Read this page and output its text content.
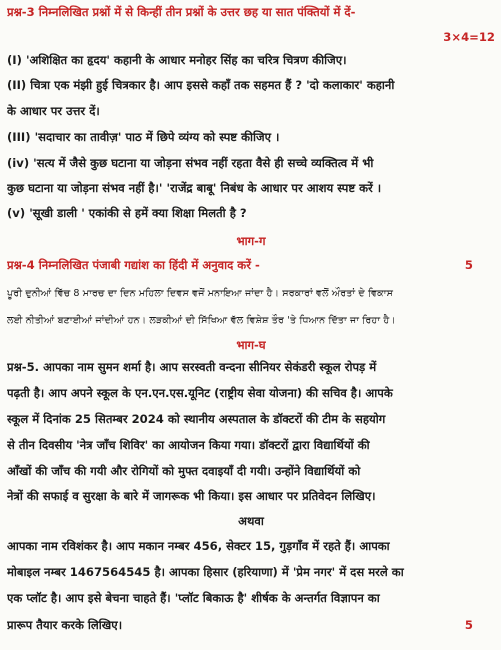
प्रश्न-3 निम्नलिखित प्रश्नों में से किन्हीं तीन प्रश्नों के उत्तर छह या सात पंक्तियों में दें-
3×4=12
(I) 'अशिक्षित का हृदय' कहानी के आधार मनोहर सिंह का चरित्र चित्रण कीजिए।
(II) चित्रा एक मंझी हुई चित्रकार है। आप इससे कहाँ तक सहमत हैं ? 'दो कलाकार' कहानी
के आधार पर उत्तर दें।
(III) 'सदाचार का तावीज़' पाठ में छिपे व्यंग्य को स्पष्ट कीजिए ।
(iv) 'सत्य में जैसे कुछ घटाना या जोड़ना संभव नहीं रहता वैसे ही सच्चे व्यक्तित्व में भी
कुछ घटाना या जोड़ना संभव नहीं है।' 'राजेंद्र बाबू' निबंध के आधार पर आशय स्पष्ट करें ।
(v) 'सूखी डाली ' एकांकी से हमें क्या शिक्षा मिलती है ?
भाग-ग
प्रश्न-4 निम्नलिखित पंजाबी गद्यांश का हिंदी में अनुवाद करें -	5
ਪੂਰੀ ਦੁਨੀਆਂ ਵਿੱਚ 8 ਮਾਰਚ ਦਾ ਦਿਨ ਮਹਿਲਾ ਦਿਵਸ ਵਜੋਂ ਮਨਾਇਆ ਜਾਂਦਾ ਹੈ। ਸਰਕਾਰਾਂ ਵਲੋਂ ਔਰਤਾਂ ਦੇ ਵਿਕਾਸ
ਲਈ ਨੀਤੀਆਂ ਬਣਾਈਆਂ ਜਾਂਦੀਆਂ ਹਨ। ਲੜਕੀਆਂ ਦੀ ਸਿੱਖਿਆ ਵੱਲ ਵਿਸ਼ੇਸ਼ ਤੌਰ 'ਤੇ ਧਿਆਨ ਦਿੱਤਾ ਜਾ ਰਿਹਾ ਹੈ।
भाग-घ
प्रश्न-5. आपका नाम सुमन शर्मा है। आप सरस्वती वन्दना सीनियर सेकंडरी स्कूल रोपड़ में
पढ़ती है। आप अपने स्कूल के एन.एन.एस.यूनिट (राष्ट्रीय सेवा योजना) की सचिव है। आपके
स्कूल में दिनांक 25 सितम्बर 2024 को स्थानीय अस्पताल के डॉक्टरों की टीम के सहयोग
से तीन दिवसीय 'नेत्र जाँच शिविर' का आयोजन किया गया। डॉक्टरों द्वारा विद्यार्थियों की
आँखों की जाँच की गयी और रोगियों को मुफ्त दवाइयाँ दी गयी। उन्होंने विद्यार्थियों को
नेत्रों की सफाई व सुरक्षा के बारे में जागरूक भी किया। इस आधार पर प्रतिवेदन लिखिए।
अथवा
आपका नाम रविशंकर है। आप मकान नम्बर 456, सेक्टर 15, गुड़गाँव में रहते हैं। आपका
मोबाइल नम्बर 1467564545 है। आपका हिसार (हरियाणा) में 'प्रेम नगर' में दस मरले का
एक प्लॉट है। आप इसे बेचना चाहते हैं। 'प्लॉट बिकाऊ है' शीर्षक के अन्तर्गत विज्ञापन का
प्रारूप तैयार करके लिखिए।	5
